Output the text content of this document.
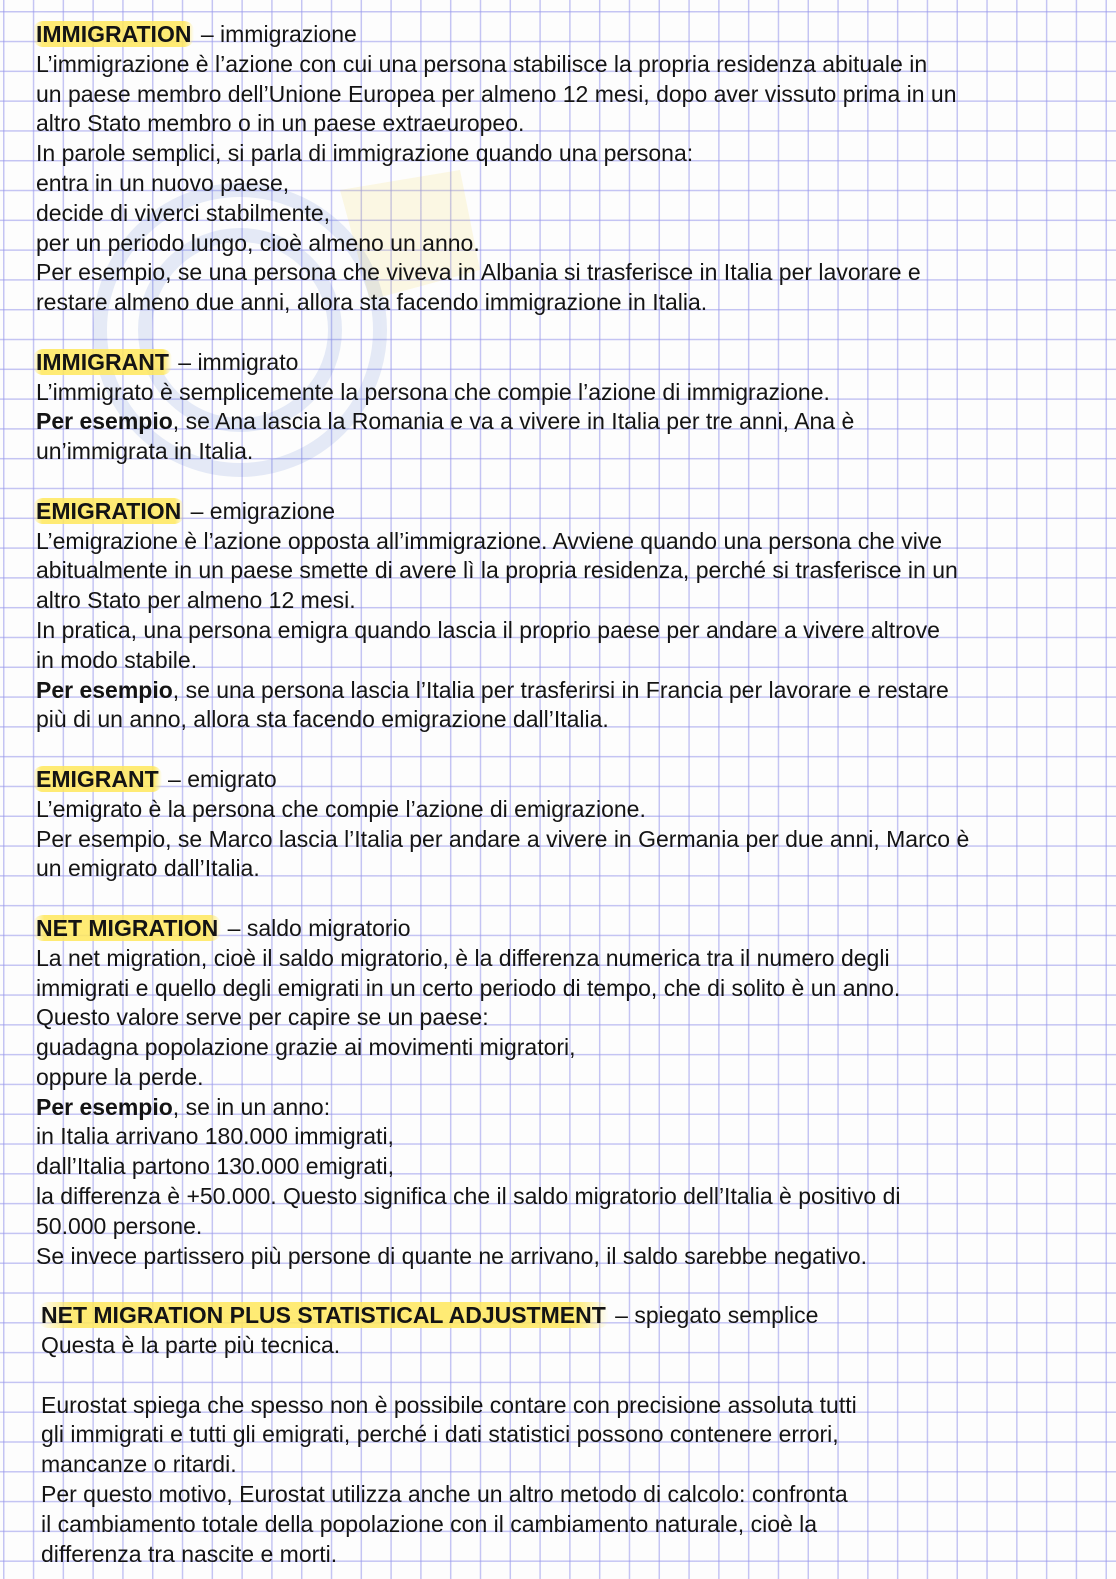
IMMIGRATION – immigrazione
L’immigrazione è l’azione con cui una persona stabilisce la propria residenza abituale in
un paese membro dell’Unione Europea per almeno 12 mesi, dopo aver vissuto prima in un
altro Stato membro o in un paese extraeuropeo.
In parole semplici, si parla di immigrazione quando una persona:
entra in un nuovo paese,
decide di viverci stabilmente,
per un periodo lungo, cioè almeno un anno.
Per esempio, se una persona che viveva in Albania si trasferisce in Italia per lavorare e
restare almeno due anni, allora sta facendo immigrazione in Italia.
IMMIGRANT – immigrato
L’immigrato è semplicemente la persona che compie l’azione di immigrazione.
Per esempio, se Ana lascia la Romania e va a vivere in Italia per tre anni, Ana è
un’immigrata in Italia.
EMIGRATION – emigrazione
L’emigrazione è l’azione opposta all’immigrazione. Avviene quando una persona che vive
abitualmente in un paese smette di avere lì la propria residenza, perché si trasferisce in un
altro Stato per almeno 12 mesi.
In pratica, una persona emigra quando lascia il proprio paese per andare a vivere altrove
in modo stabile.
Per esempio, se una persona lascia l’Italia per trasferirsi in Francia per lavorare e restare
più di un anno, allora sta facendo emigrazione dall’Italia.
EMIGRANT – emigrato
L’emigrato è la persona che compie l’azione di emigrazione.
Per esempio, se Marco lascia l’Italia per andare a vivere in Germania per due anni, Marco è
un emigrato dall’Italia.
NET MIGRATION – saldo migratorio
La net migration, cioè il saldo migratorio, è la differenza numerica tra il numero degli
immigrati e quello degli emigrati in un certo periodo di tempo, che di solito è un anno.
Questo valore serve per capire se un paese:
guadagna popolazione grazie ai movimenti migratori,
oppure la perde.
Per esempio, se in un anno:
in Italia arrivano 180.000 immigrati,
dall’Italia partono 130.000 emigrati,
la differenza è +50.000. Questo significa che il saldo migratorio dell’Italia è positivo di
50.000 persone.
Se invece partissero più persone di quante ne arrivano, il saldo sarebbe negativo.
NET MIGRATION PLUS STATISTICAL ADJUSTMENT – spiegato semplice
Questa è la parte più tecnica.
Eurostat spiega che spesso non è possibile contare con precisione assoluta tutti
gli immigrati e tutti gli emigrati, perché i dati statistici possono contenere errori,
mancanze o ritardi.
Per questo motivo, Eurostat utilizza anche un altro metodo di calcolo: confronta
il cambiamento totale della popolazione con il cambiamento naturale, cioè la
differenza tra nascite e morti.
